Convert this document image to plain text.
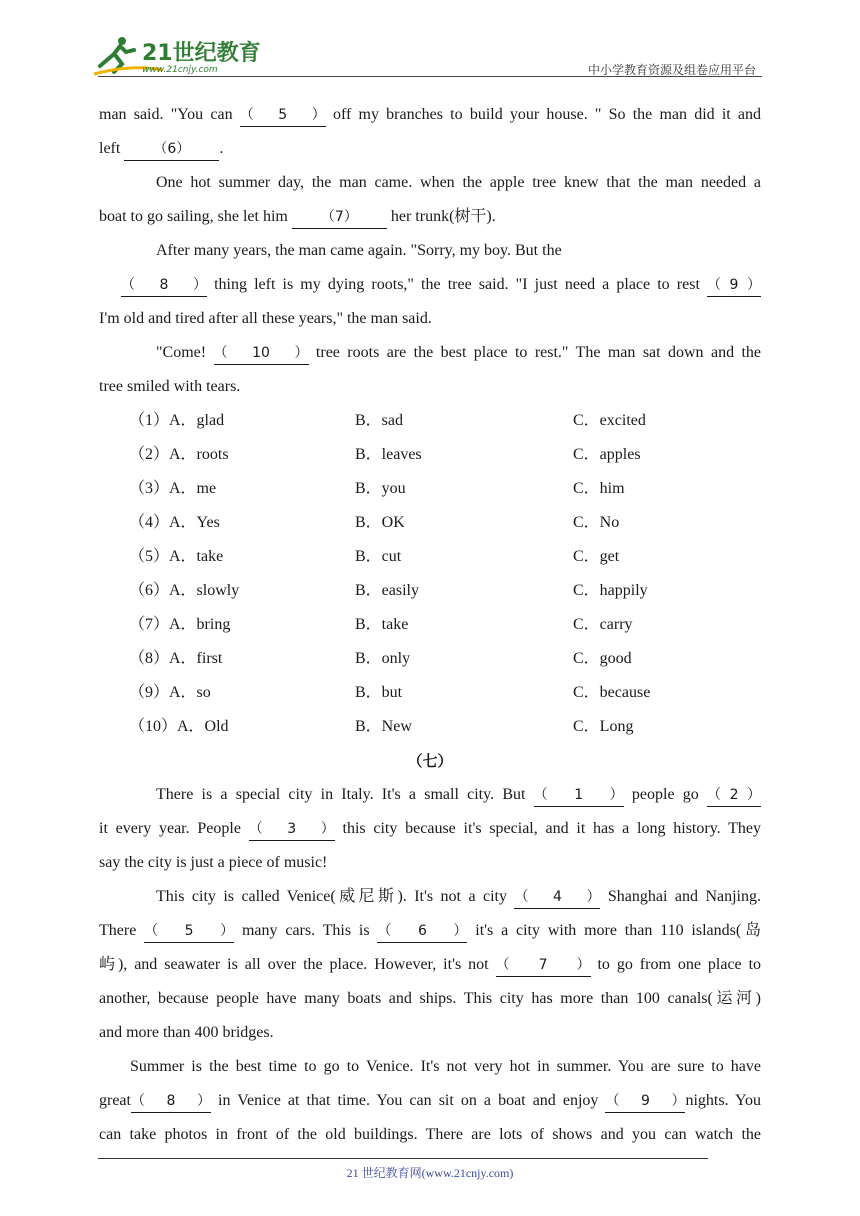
21世纪教育
www.21cnjy.com	中小学教育资源及组卷应用平台
man said. "You can （5） off my branches to build your house. " So the man did it and
left （6） .
One hot summer day, the man came. when the apple tree knew that the man needed a
boat to go sailing, she let him （7） her trunk(树干).
After many years, the man came again. "Sorry, my boy. But the
（8） thing left is my dying roots," the tree said. "I just need a place to rest （9）
I'm old and tired after all these years," the man said.
"Come! （10） tree roots are the best place to rest." The man sat down and the
tree smiled with tears.
（1）A．glad	B．sad	C．excited
（2）A．roots	B．leaves	C．apples
（3）A．me	B．you	C．him
（4）A．Yes	B．OK	C．No
（5）A．take	B．cut	C．get
（6）A．slowly	B．easily	C．happily
（7）A．bring	B．take	C．carry
（8）A．first	B．only	C．good
（9）A．so	B．but	C．because
（10）A．Old	B．New	C．Long
（七）
There is a special city in Italy. It's a small city. But （1） people go （2）
it every year. People （3） this city because it's special, and it has a long history. They
say the city is just a piece of music!
This city is called Venice(威尼斯). It's not a city （4） Shanghai and Nanjing.
There （5） many cars. This is （6） it's a city with more than 110 islands(岛
屿), and seawater is all over the place. However, it's not （7） to go from one place to
another, because people have many boats and ships. This city has more than 100 canals(运河)
and more than 400 bridges.
Summer is the best time to go to Venice. It's not very hot in summer. You are sure to have
great（8） in Venice at that time. You can sit on a boat and enjoy （9）nights. You
can take photos in front of the old buildings. There are lots of shows and you can watch the
21 世纪教育网(www.21cnjy.com)
